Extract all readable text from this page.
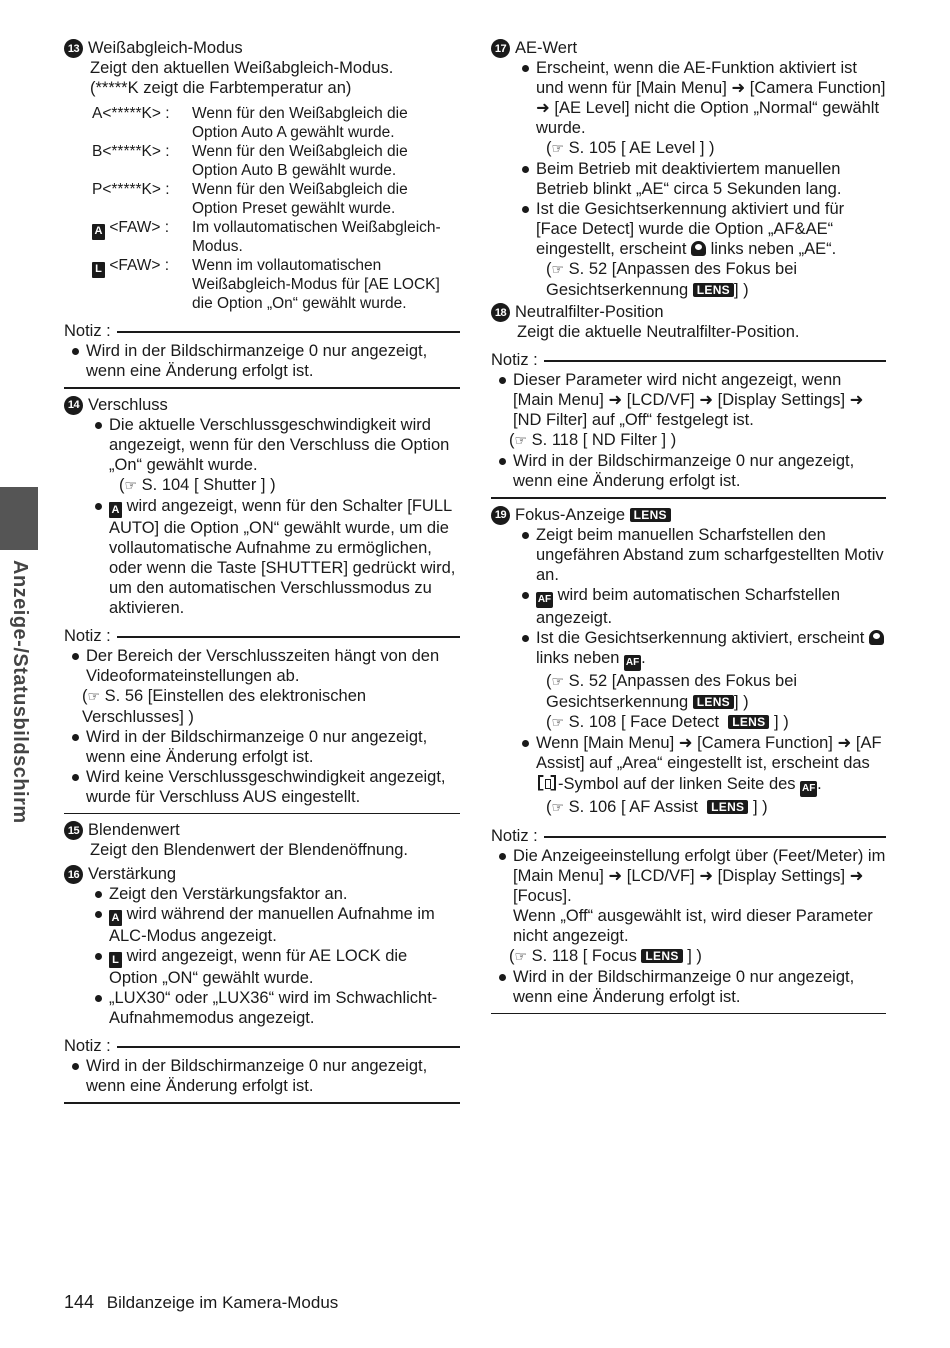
Anzeige-/Statusbildschirm
13 Weißabgleich-Modus
Zeigt den aktuellen Weißabgleich-Modus.
(*****K zeigt die Farbtemperatur an)
A<*****K> :	Wenn für den Weißabgleich die
Option Auto A gewählt wurde.
B<*****K> :	Wenn für den Weißabgleich die
Option Auto B gewählt wurde.
P<*****K> :	Wenn für den Weißabgleich die
Option Preset gewählt wurde.
A <FAW> :	Im vollautomatischen Weißabgleich-
Modus.
L <FAW> :	Wenn im vollautomatischen
Weißabgleich-Modus für [AE LOCK]
die Option „On“ gewählt wurde.
Notiz :
Wird in der Bildschirmanzeige 0 nur angezeigt, wenn eine Änderung erfolgt ist.
14 Verschluss
Die aktuelle Verschlussgeschwindigkeit wird angezeigt, wenn für den Verschluss die Option „On“ gewählt wurde.
(☞ S. 104 [ Shutter ] )
A wird angezeigt, wenn für den Schalter [FULL AUTO] die Option „ON“ gewählt wurde, um die vollautomatische Aufnahme zu ermöglichen, oder wenn die Taste [SHUTTER] gedrückt wird, um den automatischen Verschlussmodus zu aktivieren.
Notiz :
Der Bereich der Verschlusszeiten hängt von den Videoformateinstellungen ab.
(☞ S. 56 [Einstellen des elektronischen Verschlusses] )
Wird in der Bildschirmanzeige 0 nur angezeigt, wenn eine Änderung erfolgt ist.
Wird keine Verschlussgeschwindigkeit angezeigt, wurde für Verschluss AUS eingestellt.
15 Blendenwert
Zeigt den Blendenwert der Blendenöffnung.
16 Verstärkung
Zeigt den Verstärkungsfaktor an.
A wird während der manuellen Aufnahme im ALC-Modus angezeigt.
L wird angezeigt, wenn für AE LOCK die Option „ON“ gewählt wurde.
„LUX30“ oder „LUX36“ wird im Schwachlicht-Aufnahmemodus angezeigt.
Notiz :
Wird in der Bildschirmanzeige 0 nur angezeigt, wenn eine Änderung erfolgt ist.
17 AE-Wert
Erscheint, wenn die AE-Funktion aktiviert ist und wenn für [Main Menu] ➜ [Camera Function] ➜ [AE Level] nicht die Option „Normal“ gewählt wurde.
(☞ S. 105 [ AE Level ] )
Beim Betrieb mit deaktiviertem manuellen Betrieb blinkt „AE“ circa 5 Sekunden lang.
Ist die Gesichtserkennung aktiviert und für [Face Detect] wurde die Option „AF&AE“ eingestellt, erscheint  links neben „AE“.
(☞ S. 52 [Anpassen des Fokus bei Gesichtserkennung LENS ] )
18 Neutralfilter-Position
Zeigt die aktuelle Neutralfilter-Position.
Notiz :
Dieser Parameter wird nicht angezeigt, wenn [Main Menu] ➜ [LCD/VF] ➜ [Display Settings] ➜ [ND Filter] auf „Off“ festgelegt ist.
(☞ S. 118 [ ND Filter ] )
Wird in der Bildschirmanzeige 0 nur angezeigt, wenn eine Änderung erfolgt ist.
19 Fokus-Anzeige LENS
Zeigt beim manuellen Scharfstellen den ungefähren Abstand zum scharfgestellten Motiv an.
AF wird beim automatischen Scharfstellen angezeigt.
Ist die Gesichtserkennung aktiviert, erscheint  links neben AF .
(☞ S. 52 [Anpassen des Fokus bei Gesichtserkennung LENS ] )
(☞ S. 108 [ Face Detect LENS ] )
Wenn [Main Menu] ➜ [Camera Function] ➜ [AF Assist] auf „Area“ eingestellt ist, erscheint das -Symbol auf der linken Seite des AF .
(☞ S. 106 [ AF Assist LENS ] )
Notiz :
Die Anzeigeeinstellung erfolgt über (Feet/Meter) im [Main Menu] ➜ [LCD/VF] ➜ [Display Settings] ➜ [Focus].
Wenn „Off“ ausgewählt ist, wird dieser Parameter nicht angezeigt.
(☞ S. 118 [ Focus LENS ] )
Wird in der Bildschirmanzeige 0 nur angezeigt, wenn eine Änderung erfolgt ist.
144 Bildanzeige im Kamera-Modus
